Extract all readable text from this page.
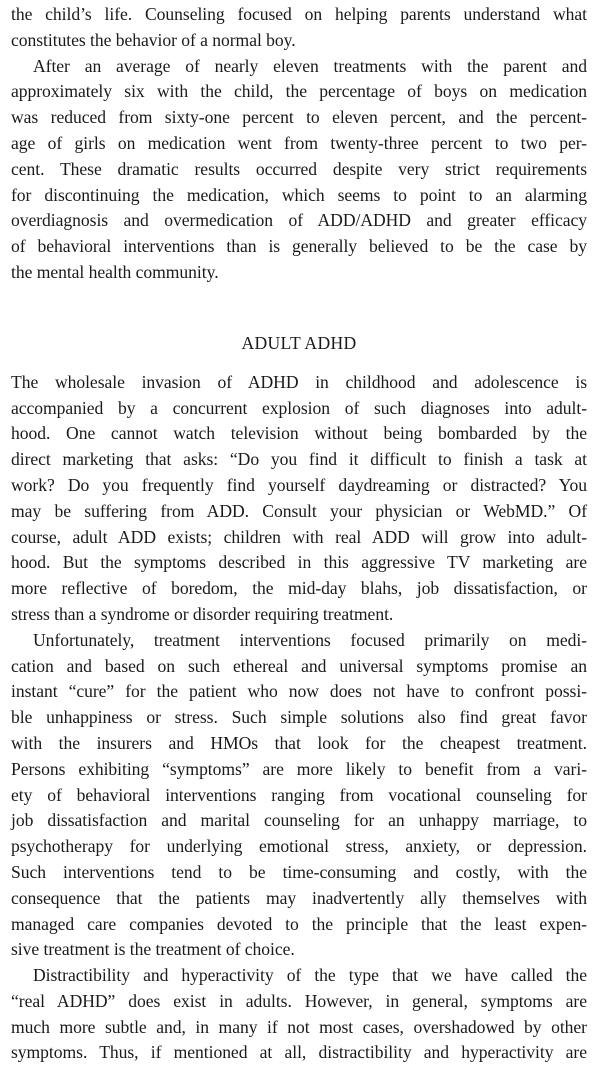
the child’s life. Counseling focused on helping parents understand what
constitutes the behavior of a normal boy.
After an average of nearly eleven treatments with the parent and
approximately six with the child, the percentage of boys on medication
was reduced from sixty-one percent to eleven percent, and the percent-
age of girls on medication went from twenty-three percent to two per-
cent. These dramatic results occurred despite very strict requirements
for discontinuing the medication, which seems to point to an alarming
overdiagnosis and overmedication of ADD/ADHD and greater efficacy
of behavioral interventions than is generally believed to be the case by
the mental health community.
ADULT ADHD
The wholesale invasion of ADHD in childhood and adolescence is
accompanied by a concurrent explosion of such diagnoses into adult-
hood. One cannot watch television without being bombarded by the
direct marketing that asks: “Do you find it difficult to finish a task at
work? Do you frequently find yourself daydreaming or distracted? You
may be suffering from ADD. Consult your physician or WebMD.” Of
course, adult ADD exists; children with real ADD will grow into adult-
hood. But the symptoms described in this aggressive TV marketing are
more reflective of boredom, the mid-day blahs, job dissatisfaction, or
stress than a syndrome or disorder requiring treatment.
Unfortunately, treatment interventions focused primarily on medi-
cation and based on such ethereal and universal symptoms promise an
instant “cure” for the patient who now does not have to confront possi-
ble unhappiness or stress. Such simple solutions also find great favor
with the insurers and HMOs that look for the cheapest treatment.
Persons exhibiting “symptoms” are more likely to benefit from a vari-
ety of behavioral interventions ranging from vocational counseling for
job dissatisfaction and marital counseling for an unhappy marriage, to
psychotherapy for underlying emotional stress, anxiety, or depression.
Such interventions tend to be time-consuming and costly, with the
consequence that the patients may inadvertently ally themselves with
managed care companies devoted to the principle that the least expen-
sive treatment is the treatment of choice.
Distractibility and hyperactivity of the type that we have called the
“real ADHD” does exist in adults. However, in general, symptoms are
much more subtle and, in many if not most cases, overshadowed by other
symptoms. Thus, if mentioned at all, distractibility and hyperactivity are
